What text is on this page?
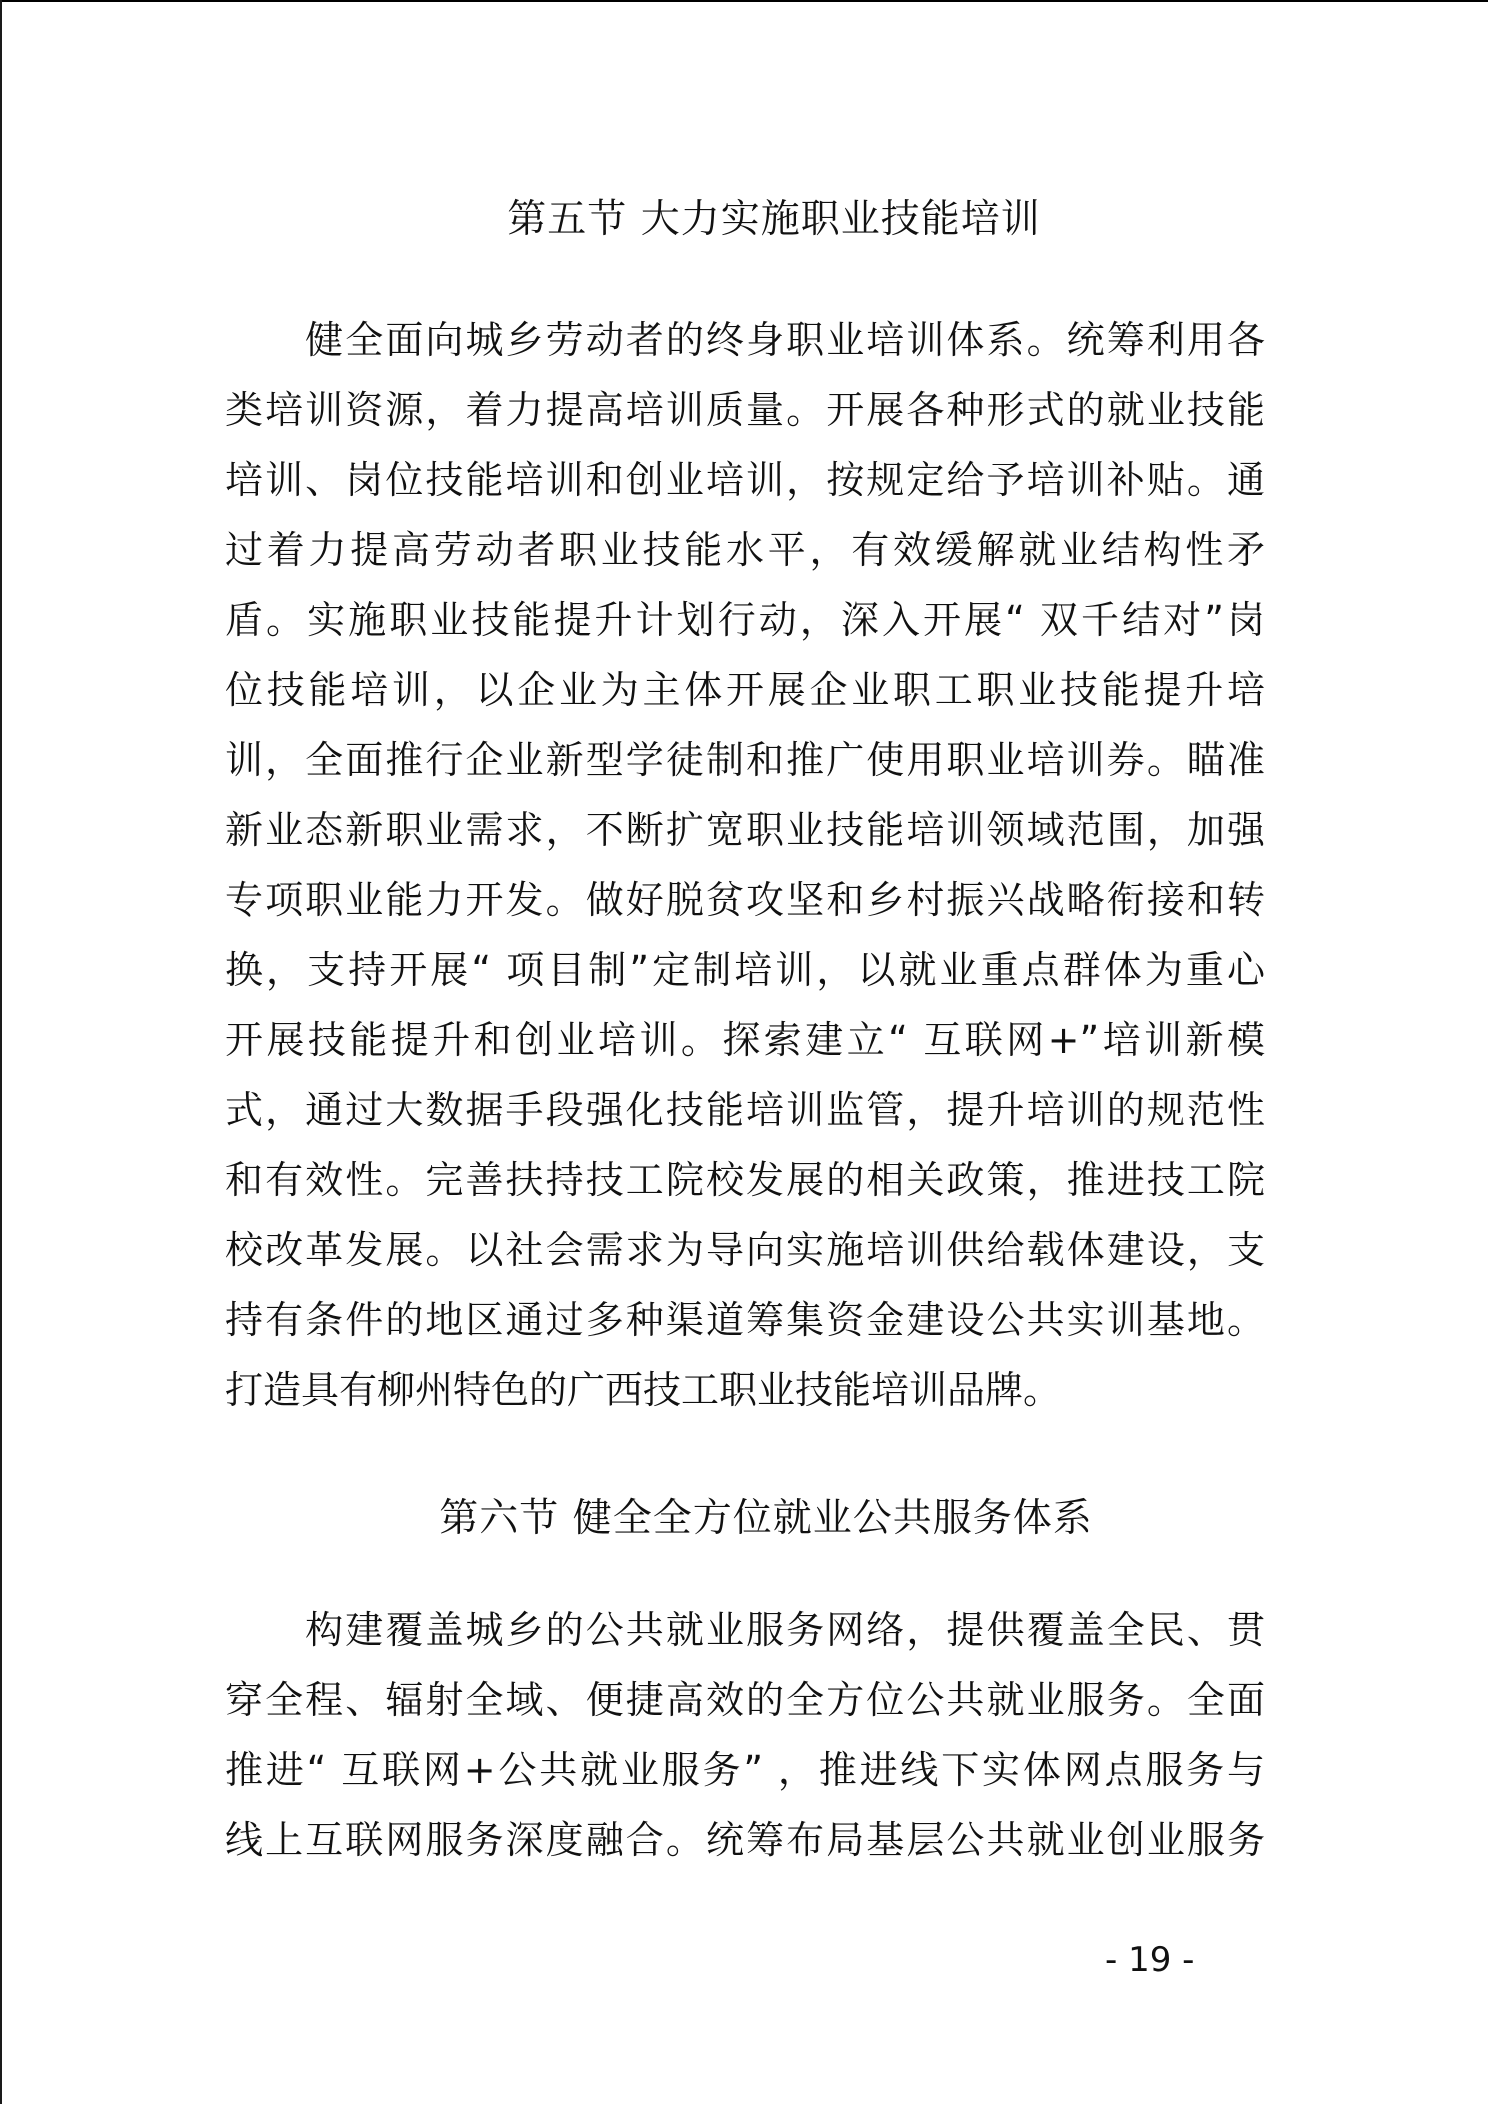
第五节 大力实施职业技能培训
　　健全面向城乡劳动者的终身职业培训体系。统筹利用各
类培训资源，着力提高培训质量。开展各种形式的就业技能
培训、岗位技能培训和创业培训，按规定给予培训补贴。通
过着力提高劳动者职业技能水平，有效缓解就业结构性矛
盾。实施职业技能提升计划行动，深入开展“ 双千结对”岗
位技能培训，以企业为主体开展企业职工职业技能提升培
训，全面推行企业新型学徒制和推广使用职业培训券。瞄准
新业态新职业需求，不断扩宽职业技能培训领域范围，加强
专项职业能力开发。做好脱贫攻坚和乡村振兴战略衔接和转
换，支持开展“ 项目制”定制培训，以就业重点群体为重心
开展技能提升和创业培训。探索建立“ 互联网+”培训新模
式，通过大数据手段强化技能培训监管，提升培训的规范性
和有效性。完善扶持技工院校发展的相关政策，推进技工院
校改革发展。以社会需求为导向实施培训供给载体建设，支
持有条件的地区通过多种渠道筹集资金建设公共实训基地。
打造具有柳州特色的广西技工职业技能培训品牌。
第六节 健全全方位就业公共服务体系
　　构建覆盖城乡的公共就业服务网络，提供覆盖全民、贯
穿全程、辐射全域、便捷高效的全方位公共就业服务。全面
推进“ 互联网+公共就业服务” ，推进线下实体网点服务与
线上互联网服务深度融合。统筹布局基层公共就业创业服务
- 19 -
